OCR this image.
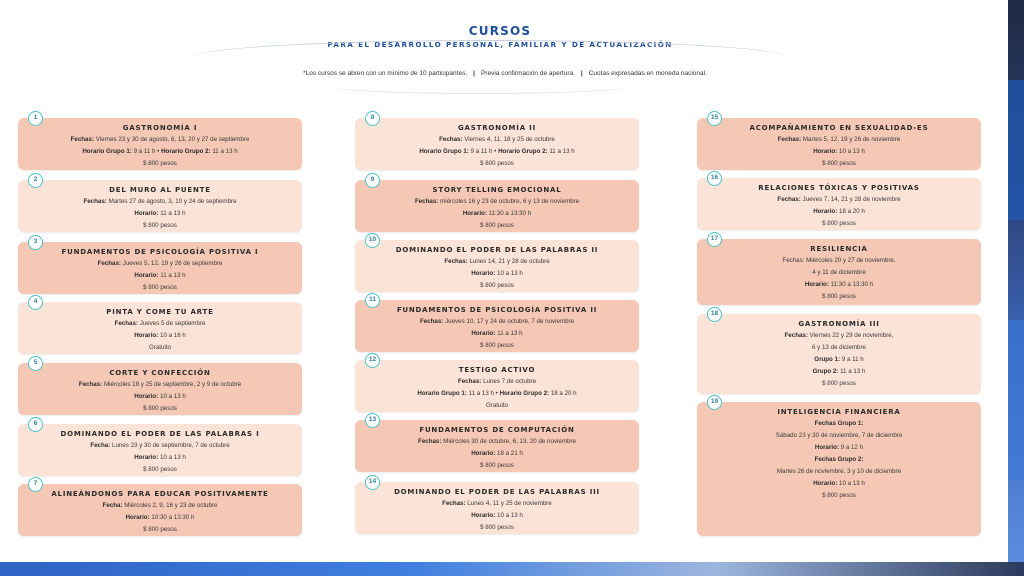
CURSOS
PARA EL DESARROLLO PERSONAL, FAMILIAR Y DE ACTUALIZACIÓN
*Los cursos se abren con un mínimo de 10 participantes. | Previa confirmación de apertura. | Cuotas expresadas en moneda nacional.
GASTRONOMÍA I
Fechas: Viernes 23 y 30 de agosto, 6, 13, 20 y 27 de septiembre
Horario Grupo 1: 9 a 11 h • Horario Grupo 2: 11 a 13 h
$ 800 pesos
1
DEL MURO AL PUENTE
Fechas: Martes 27 de agosto, 3, 10 y 24 de septiembre
Horario: 11 a 13 h
$ 800 pesos
2
FUNDAMENTOS DE PSICOLOGÍA POSITIVA I
Fechas: Jueves 5, 12, 19 y 26 de septiembre
Horario: 11 a 13 h
$ 800 pesos
3
PINTA Y COME TU ARTE
Fechas: Jueves 5 de septiembre
Horario: 10 a 16 h
Gratuito
4
CORTE Y CONFECCIÓN
Fechas: Miércoles 18 y 25 de septiembre, 2 y 9 de octubre
Horario: 10 a 13 h
$ 800 pesos
5
DOMINANDO EL PODER DE LAS PALABRAS I
Fecha: Lunes 23 y 30 de septiembre, 7 de octubre
Horario: 10 a 13 h
$ 800 pesos
6
ALINEÁNDONOS PARA EDUCAR POSITIVAMENTE
Fecha: Miércoles 2, 9, 16 y 23 de octubre
Horario: 10:30 a 13:30 h
$ 800 pesos
7
GASTRONOMÍA II
Fechas: Viernes 4, 11, 18 y 25 de octubre
Horario Grupo 1: 9 a 11 h • Horario Grupo 2: 11 a 13 h
$ 800 pesos
8
STORY TELLING EMOCIONAL
Fechas: miércoles 16 y 23 de octubre, 6 y 13 de noviembre
Horario: 11:30 a 13:30 h
$ 800 pesos
9
DOMINANDO EL PODER DE LAS PALABRAS II
Fechas: Lunes 14, 21 y 28 de octubre
Horario: 10 a 13 h
$ 800 pesos
10
FUNDAMENTOS DE PSICOLOGÍA POSITIVA II
Fechas: Jueves 10, 17 y 24 de octubre, 7 de noviembre
Horario: 11 a 13 h
$ 800 pesos
11
TESTIGO ACTIVO
Fechas: Lunes 7 de octubre
Horario Grupo 1: 11 a 13 h • Horario Grupo 2: 18 a 20 h
Gratuito
12
FUNDAMENTOS DE COMPUTACIÓN
Fechas: Miércoles 30 de octubre, 6, 13, 20 de noviembre
Horario: 18 a 21 h
$ 800 pesos
13
DOMINANDO EL PODER DE LAS PALABRAS III
Fechas: Lunes 4, 11 y 25 de noviembre
Horario: 10 a 13 h
$ 800 pesos
14
ACOMPAÑAMIENTO EN SEXUALIDAD-ES
Fechas: Martes 5, 12, 19 y 26 de noviembre
Horario: 10 a 13 h
$ 800 pesos
15
RELACIONES TÓXICAS Y POSITIVAS
Fechas: Jueves 7, 14, 21 y 28 de noviembre
Horario: 18 a 20 h
$ 800 pesos
16
RESILIENCIA
Fechas: Miércoles 20 y 27 de noviembre,
4 y 11 de diciembre
Horario: 11:30 a 13:30 h
$ 800 pesos
17
GASTRONOMÍA III
Fechas: Viernes 22 y 29 de noviembre,
6 y 13 de diciembre
Grupo 1: 9 a 11 h
Grupo 2: 11 a 13 h
$ 800 pesos
18
INTELIGENCIA FINANCIERA
Fechas Grupo 1:
Sábado 23 y 30 de noviembre, 7 de diciembre
Horario: 9 a 12 h
Fechas Grupo 2:
Martes 26 de noviembre, 3 y 10 de diciembre
Horario: 10 a 13 h
$ 800 pesos
19
